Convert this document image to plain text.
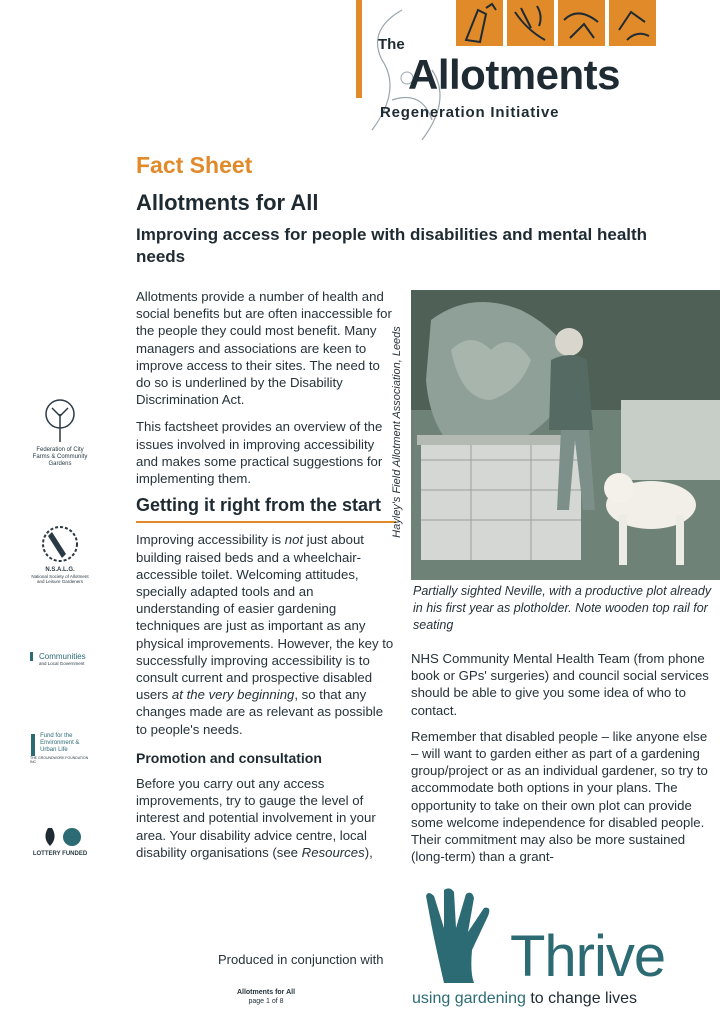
The
Allotments
Regeneration Initiative
Fact Sheet
Allotments for All
Improving access for people with disabilities and mental health needs

Allotments provide a number of health and social benefits but are often inaccessible for the people they could most benefit. Many managers and associations are keen to improve access to their sites. The need to do so is underlined by the Disability Discrimination Act.

This factsheet provides an overview of the issues involved in improving accessibility and makes some practical suggestions for implementing them.

Getting it right from the start

Improving accessibility is not just about building raised beds and a wheelchair-accessible toilet. Welcoming attitudes, specially adapted tools and an understanding of easier gardening techniques are just as important as any physical improvements. However, the key to successfully improving accessibility is to consult current and prospective disabled users at the very beginning, so that any changes made are as relevant as possible to people's needs.

Promotion and consultation

Before you carry out any access improvements, try to gauge the level of interest and potential involvement in your area. Your disability advice centre, local disability organisations (see Resources),

Hayley's Field Allotment Association, Leeds
Partially sighted Neville, with a productive plot already in his first year as plotholder. Note wooden top rail for seating

NHS Community Mental Health Team (from phone book or GPs' surgeries) and council social services should be able to give you some idea of who to contact.

Remember that disabled people – like anyone else – will want to garden either as part of a gardening group/project or as an individual gardener, so try to accommodate both options in your plans. The opportunity to take on their own plot can provide some welcome independence for disabled people. Their commitment may also be more sustained (long-term) than a grant-

Federation of City Farms & Community Gardens
N.S.A.L.G.
National Society of Allotment and Leisure Gardeners
Communities
and Local Government
Fund for the Environment & Urban Life
THE GROUNDWORK FOUNDATION INC
LOTTERY FUNDED
Produced in conjunction with Thrive
using gardening to change lives
Allotments for All
page 1 of 8
